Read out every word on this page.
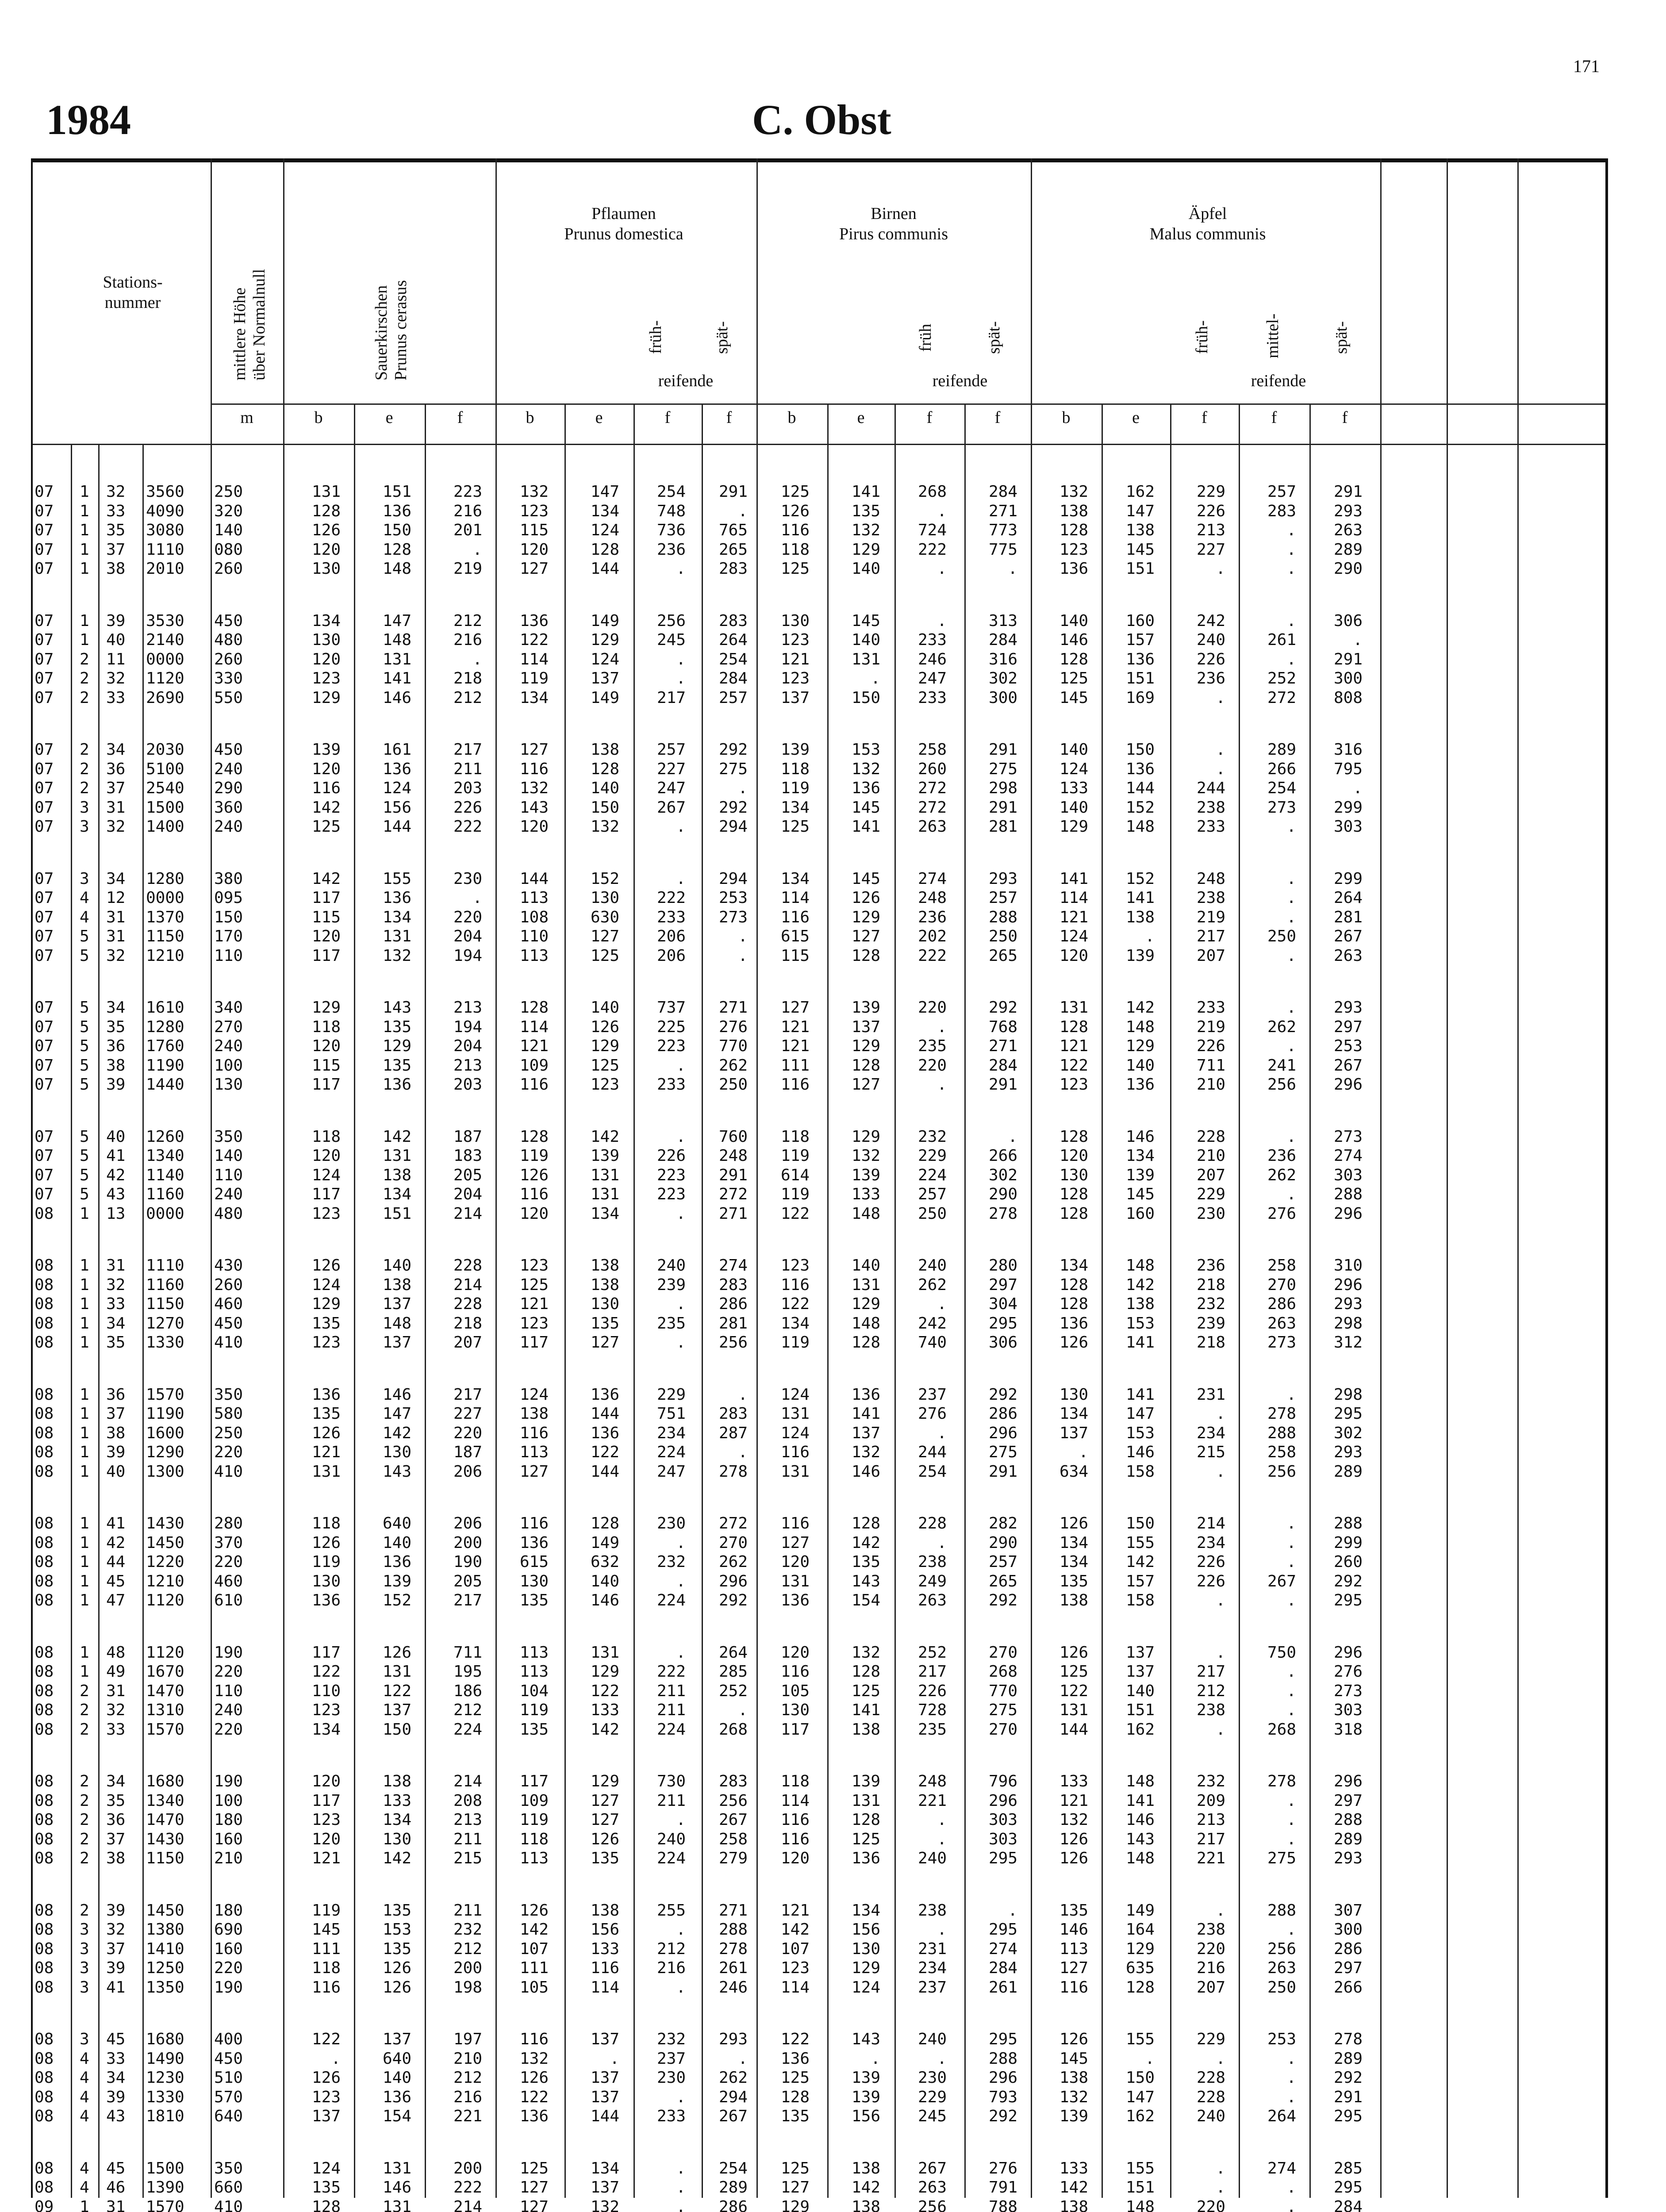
171
1984	C. Obst
Stations-
nummer
mittlere Höhe
über Normalnull	Sauerkirschen
Prunus cerasus
Pflaumen
Prunus domestica
Birnen
Pirus communis
Äpfel
Malus communis
früh-	spät-	früh	spät-	früh-	mittel-	spät-
reifende	reifende	reifende
m	b	e	f	b	e	f	f	b	e	f	f	b	e	f	f	f
07 1 32 3560 250	131	151	223	132	147	254	291	125	141	268	284	132	162	229	257	291
07 1 33 4090 320	128	136	216	123	134	748	.	126	135	.	271	138	147	226	283	293
07 1 35 3080 140	126	150	201	115	124	736	765	116	132	724	773	128	138	213	.	263
07 1 37 1110 080	120	128	.	120	128	236	265	118	129	222	775	123	145	227	.	289
07 1 38 2010 260	130	148	219	127	144	.	283	125	140	.	.	136	151	.	.	290
07 1 39 3530 450	134	147	212	136	149	256	283	130	145	.	313	140	160	242	.	306
07 1 40 2140 480	130	148	216	122	129	245	264	123	140	233	284	146	157	240	261	.
07 2 11 0000 260	120	131	.	114	124	.	254	121	131	246	316	128	136	226	.	291
07 2 32 1120 330	123	141	218	119	137	.	284	123	.	247	302	125	151	236	252	300
07 2 33 2690 550	129	146	212	134	149	217	257	137	150	233	300	145	169	.	272	808
07 2 34 2030 450	139	161	217	127	138	257	292	139	153	258	291	140	150	.	289	316
07 2 36 5100 240	120	136	211	116	128	227	275	118	132	260	275	124	136	.	266	795
07 2 37 2540 290	116	124	203	132	140	247	.	119	136	272	298	133	144	244	254	.
07 3 31 1500 360	142	156	226	143	150	267	292	134	145	272	291	140	152	238	273	299
07 3 32 1400 240	125	144	222	120	132	.	294	125	141	263	281	129	148	233	.	303
07 3 34 1280 380	142	155	230	144	152	.	294	134	145	274	293	141	152	248	.	299
07 4 12 0000 095	117	136	.	113	130	222	253	114	126	248	257	114	141	238	.	264
07 4 31 1370 150	115	134	220	108	630	233	273	116	129	236	288	121	138	219	.	281
07 5 31 1150 170	120	131	204	110	127	206	.	615	127	202	250	124	.	217	250	267
07 5 32 1210 110	117	132	194	113	125	206	.	115	128	222	265	120	139	207	.	263
07 5 34 1610 340	129	143	213	128	140	737	271	127	139	220	292	131	142	233	.	293
07 5 35 1280 270	118	135	194	114	126	225	276	121	137	.	768	128	148	219	262	297
07 5 36 1760 240	120	129	204	121	129	223	770	121	129	235	271	121	129	226	.	253
07 5 38 1190 100	115	135	213	109	125	.	262	111	128	220	284	122	140	711	241	267
07 5 39 1440 130	117	136	203	116	123	233	250	116	127	.	291	123	136	210	256	296
07 5 40 1260 350	118	142	187	128	142	.	760	118	129	232	.	128	146	228	.	273
07 5 41 1340 140	120	131	183	119	139	226	248	119	132	229	266	120	134	210	236	274
07 5 42 1140 110	124	138	205	126	131	223	291	614	139	224	302	130	139	207	262	303
07 5 43 1160 240	117	134	204	116	131	223	272	119	133	257	290	128	145	229	.	288
08 1 13 0000 480	123	151	214	120	134	.	271	122	148	250	278	128	160	230	276	296
08 1 31 1110 430	126	140	228	123	138	240	274	123	140	240	280	134	148	236	258	310
08 1 32 1160 260	124	138	214	125	138	239	283	116	131	262	297	128	142	218	270	296
08 1 33 1150 460	129	137	228	121	130	.	286	122	129	.	304	128	138	232	286	293
08 1 34 1270 450	135	148	218	123	135	235	281	134	148	242	295	136	153	239	263	298
08 1 35 1330 410	123	137	207	117	127	.	256	119	128	740	306	126	141	218	273	312
08 1 36 1570 350	136	146	217	124	136	229	.	124	136	237	292	130	141	231	.	298
08 1 37 1190 580	135	147	227	138	144	751	283	131	141	276	286	134	147	.	278	295
08 1 38 1600 250	126	142	220	116	136	234	287	124	137	.	296	137	153	234	288	302
08 1 39 1290 220	121	130	187	113	122	224	.	116	132	244	275	.	146	215	258	293
08 1 40 1300 410	131	143	206	127	144	247	278	131	146	254	291	634	158	.	256	289
08 1 41 1430 280	118	640	206	116	128	230	272	116	128	228	282	126	150	214	.	288
08 1 42 1450 370	126	140	200	136	149	.	270	127	142	.	290	134	155	234	.	299
08 1 44 1220 220	119	136	190	615	632	232	262	120	135	238	257	134	142	226	.	260
08 1 45 1210 460	130	139	205	130	140	.	296	131	143	249	265	135	157	226	267	292
08 1 47 1120 610	136	152	217	135	146	224	292	136	154	263	292	138	158	.	.	295
08 1 48 1120 190	117	126	711	113	131	.	264	120	132	252	270	126	137	.	750	296
08 1 49 1670 220	122	131	195	113	129	222	285	116	128	217	268	125	137	217	.	276
08 2 31 1470 110	110	122	186	104	122	211	252	105	125	226	770	122	140	212	.	273
08 2 32 1310 240	123	137	212	119	133	211	.	130	141	728	275	131	151	238	.	303
08 2 33 1570 220	134	150	224	135	142	224	268	117	138	235	270	144	162	.	268	318
08 2 34 1680 190	120	138	214	117	129	730	283	118	139	248	796	133	148	232	278	296
08 2 35 1340 100	117	133	208	109	127	211	256	114	131	221	296	121	141	209	.	297
08 2 36 1470 180	123	134	213	119	127	.	267	116	128	.	303	132	146	213	.	288
08 2 37 1430 160	120	130	211	118	126	240	258	116	125	.	303	126	143	217	.	289
08 2 38 1150 210	121	142	215	113	135	224	279	120	136	240	295	126	148	221	275	293
08 2 39 1450 180	119	135	211	126	138	255	271	121	134	238	.	135	149	.	288	307
08 3 32 1380 690	145	153	232	142	156	.	288	142	156	.	295	146	164	238	.	300
08 3 37 1410 160	111	135	212	107	133	212	278	107	130	231	274	113	129	220	256	286
08 3 39 1250 220	118	126	200	111	116	216	261	123	129	234	284	127	635	216	263	297
08 3 41 1350 190	116	126	198	105	114	.	246	114	124	237	261	116	128	207	250	266
08 3 45 1680 400	122	137	197	116	137	232	293	122	143	240	295	126	155	229	253	278
08 4 33 1490 450	.	640	210	132	.	237	.	136	.	.	288	145	.	.	.	289
08 4 34 1230 510	126	140	212	126	137	230	262	125	139	230	296	138	150	228	.	292
08 4 39 1330 570	123	136	216	122	137	.	294	128	139	229	793	132	147	228	.	291
08 4 43 1810 640	137	154	221	136	144	233	267	135	156	245	292	139	162	240	264	295
08 4 45 1500 350	124	131	200	125	134	.	254	125	138	267	276	133	155	.	274	285
08 4 46 1390 660	135	146	222	127	137	.	289	127	142	263	791	142	151	.	.	295
09 1 31 1570 410	128	131	214	127	132	.	286	129	138	256	788	138	148	220	.	284
